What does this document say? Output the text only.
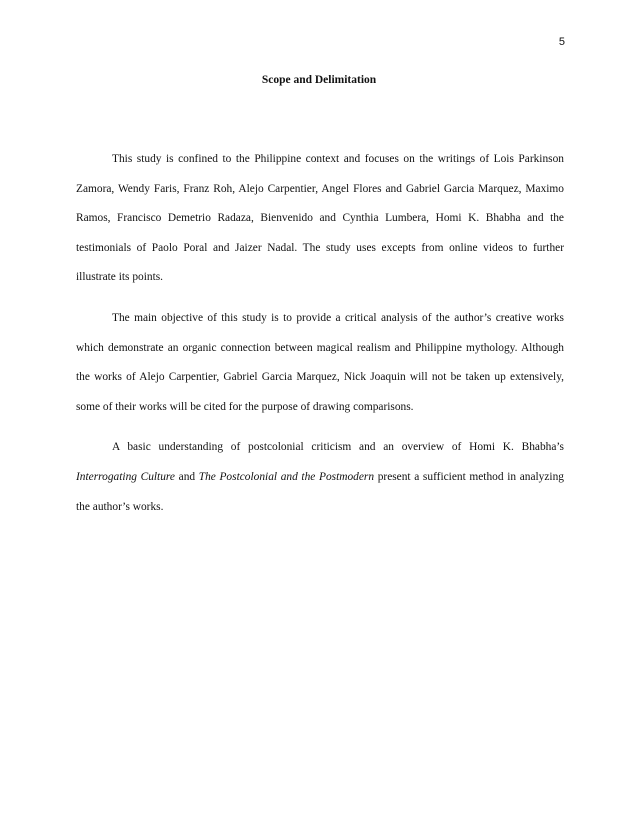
5
Scope and Delimitation

This study is confined to the Philippine context and focuses on the writings of Lois Parkinson Zamora, Wendy Faris, Franz Roh, Alejo Carpentier, Angel Flores and Gabriel Garcia Marquez, Maximo Ramos, Francisco Demetrio Radaza, Bienvenido and Cynthia Lumbera, Homi K. Bhabha and the testimonials of Paolo Poral and Jaizer Nadal. The study uses excepts from online videos to further illustrate its points.

The main objective of this study is to provide a critical analysis of the author’s creative works which demonstrate an organic connection between magical realism and Philippine mythology. Although the works of Alejo Carpentier, Gabriel Garcia Marquez, Nick Joaquin will not be taken up extensively, some of their works will be cited for the purpose of drawing comparisons.

A basic understanding of postcolonial criticism and an overview of Homi K. Bhabha’s Interrogating Culture and The Postcolonial and the Postmodern present a sufficient method in analyzing the author’s works.
